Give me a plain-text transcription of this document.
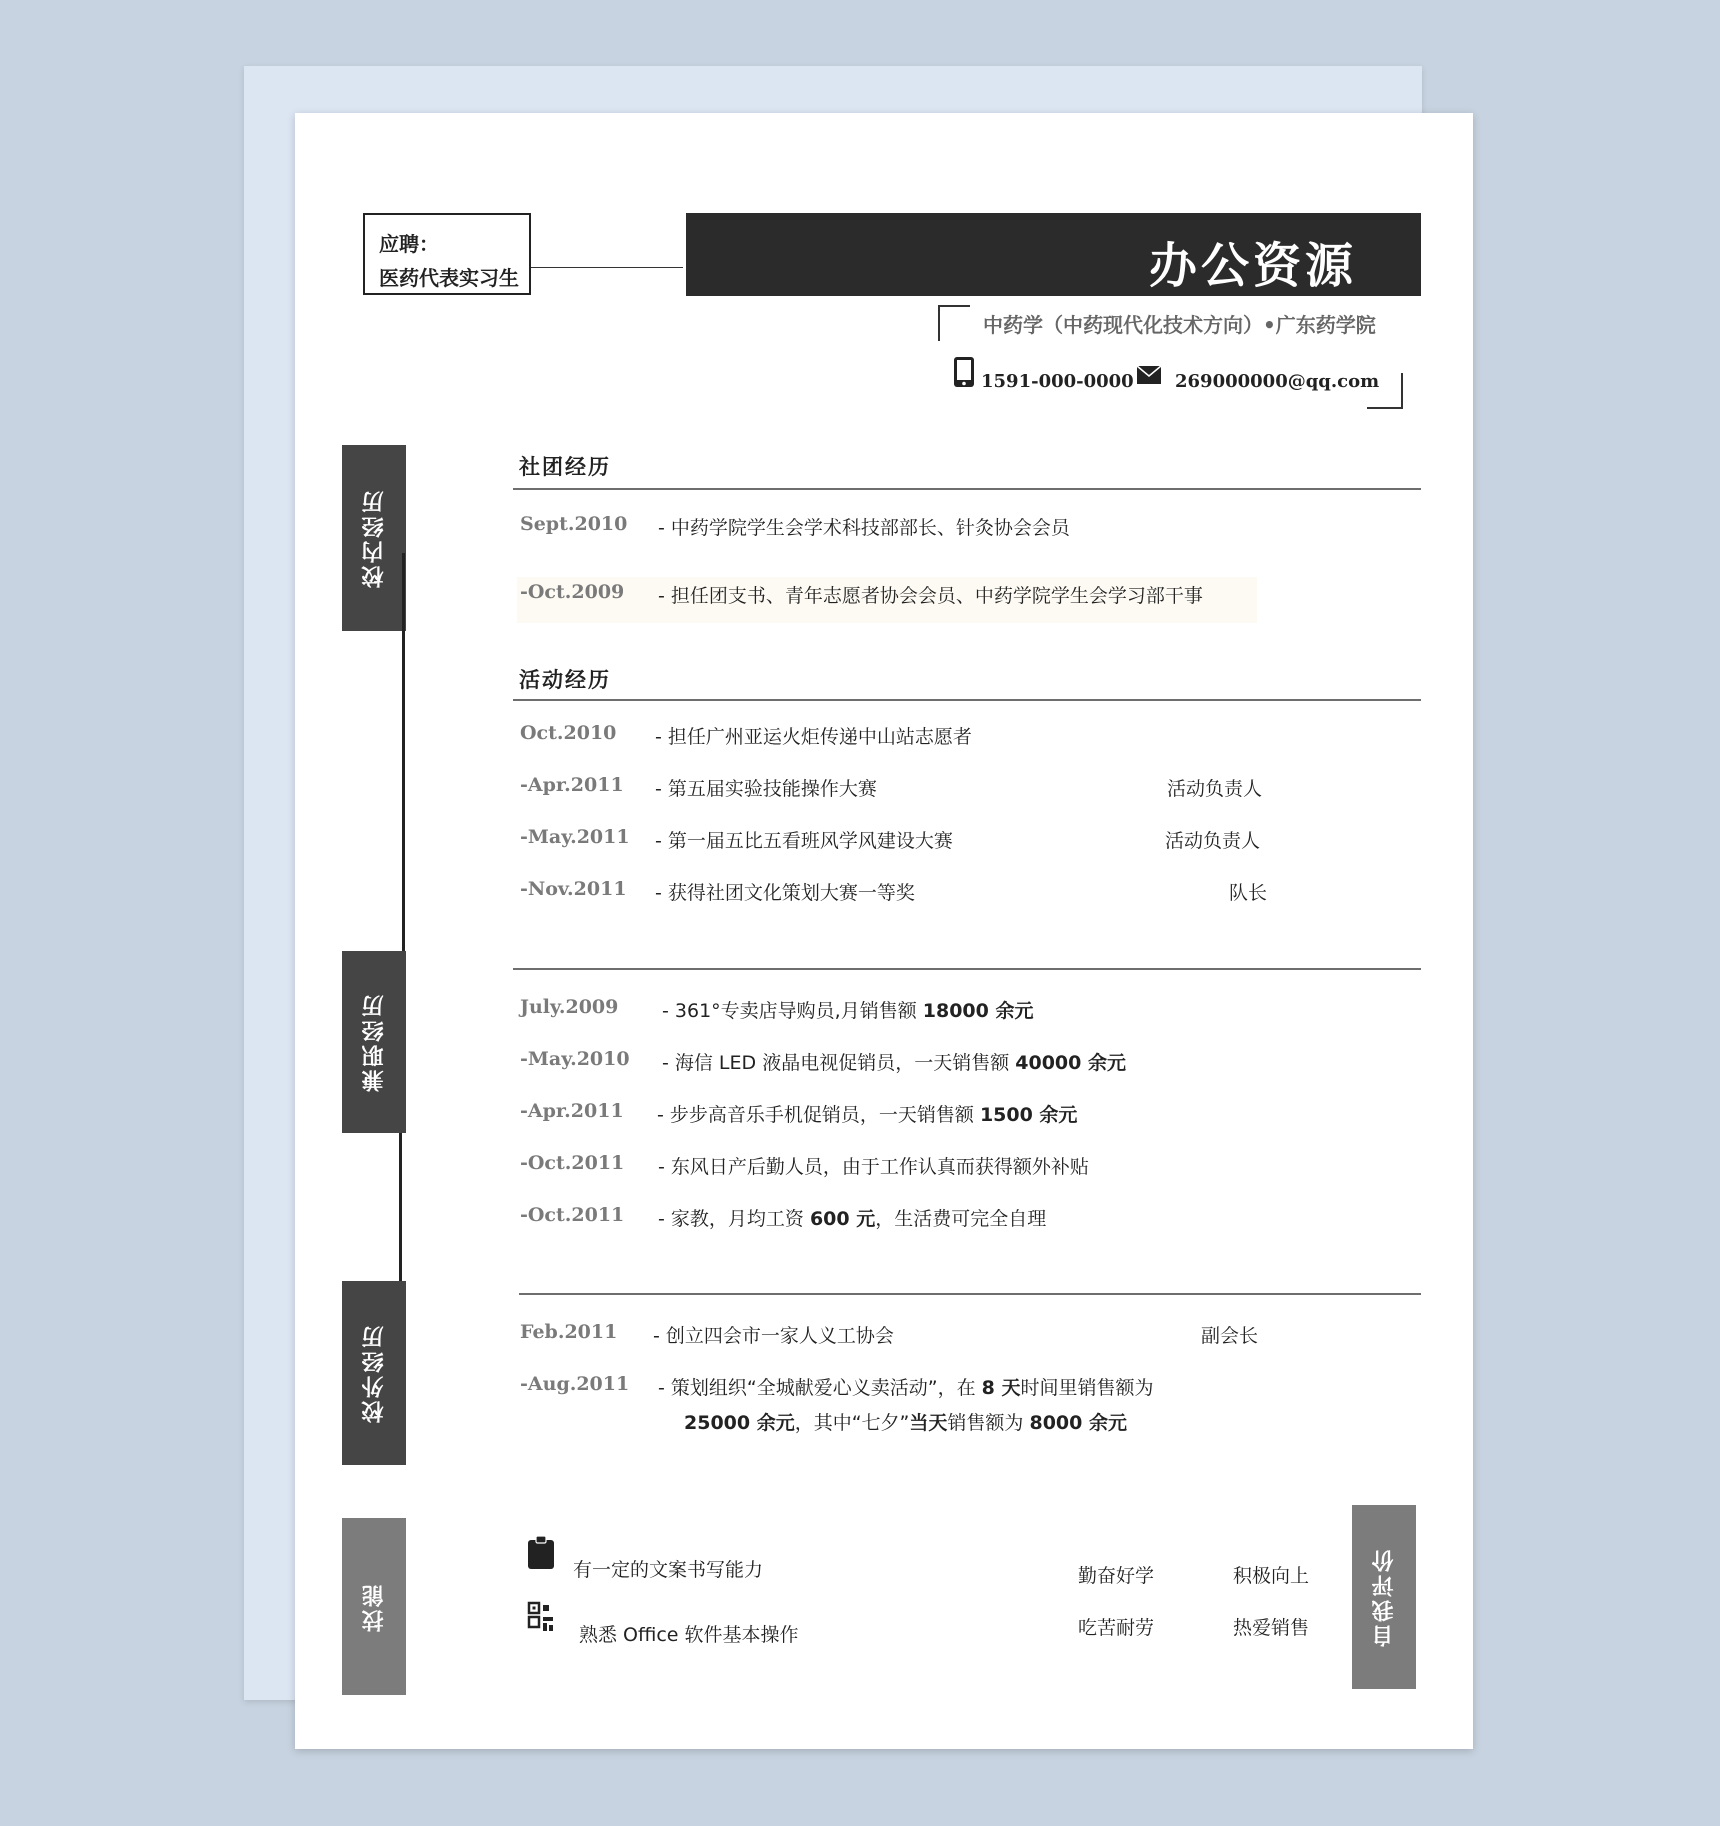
应聘：
医药代表实习生	办公资源
中药学（中药现代化技术方向）•广东药学院
1591-000-0000 269000000@qq.com
校内经历
兼职经历
校外经历
技能	自我评价
社团经历
Sept.2010 - 中药学院学生会学术科技部部长、针灸协会会员
-Oct.2009 - 担任团支书、青年志愿者协会会员、中药学院学生会学习部干事
活动经历
Oct.2010 - 担任广州亚运火炬传递中山站志愿者
-Apr.2011 - 第五届实验技能操作大赛	活动负责人
-May.2011 - 第一届五比五看班风学风建设大赛	活动负责人
-Nov.2011 - 获得社团文化策划大赛一等奖	队长
July.2009 - 361°专卖店导购员,月销售额 18000 余元
-May.2010 - 海信 LED 液晶电视促销员，一天销售额 40000 余元
-Apr.2011 - 步步高音乐手机促销员，一天销售额 1500 余元
-Oct.2011 - 东风日产后勤人员，由于工作认真而获得额外补贴
-Oct.2011 - 家教，月均工资 600 元，生活费可完全自理
Feb.2011 - 创立四会市一家人义工协会	副会长
-Aug.2011 - 策划组织“全城献爱心义卖活动”，在 8 天时间里销售额为
25000 余元，其中“七夕”当天销售额为 8000 余元
有一定的文案书写能力
熟悉 Office 软件基本操作
勤奋好学	积极向上
吃苦耐劳	热爱销售
